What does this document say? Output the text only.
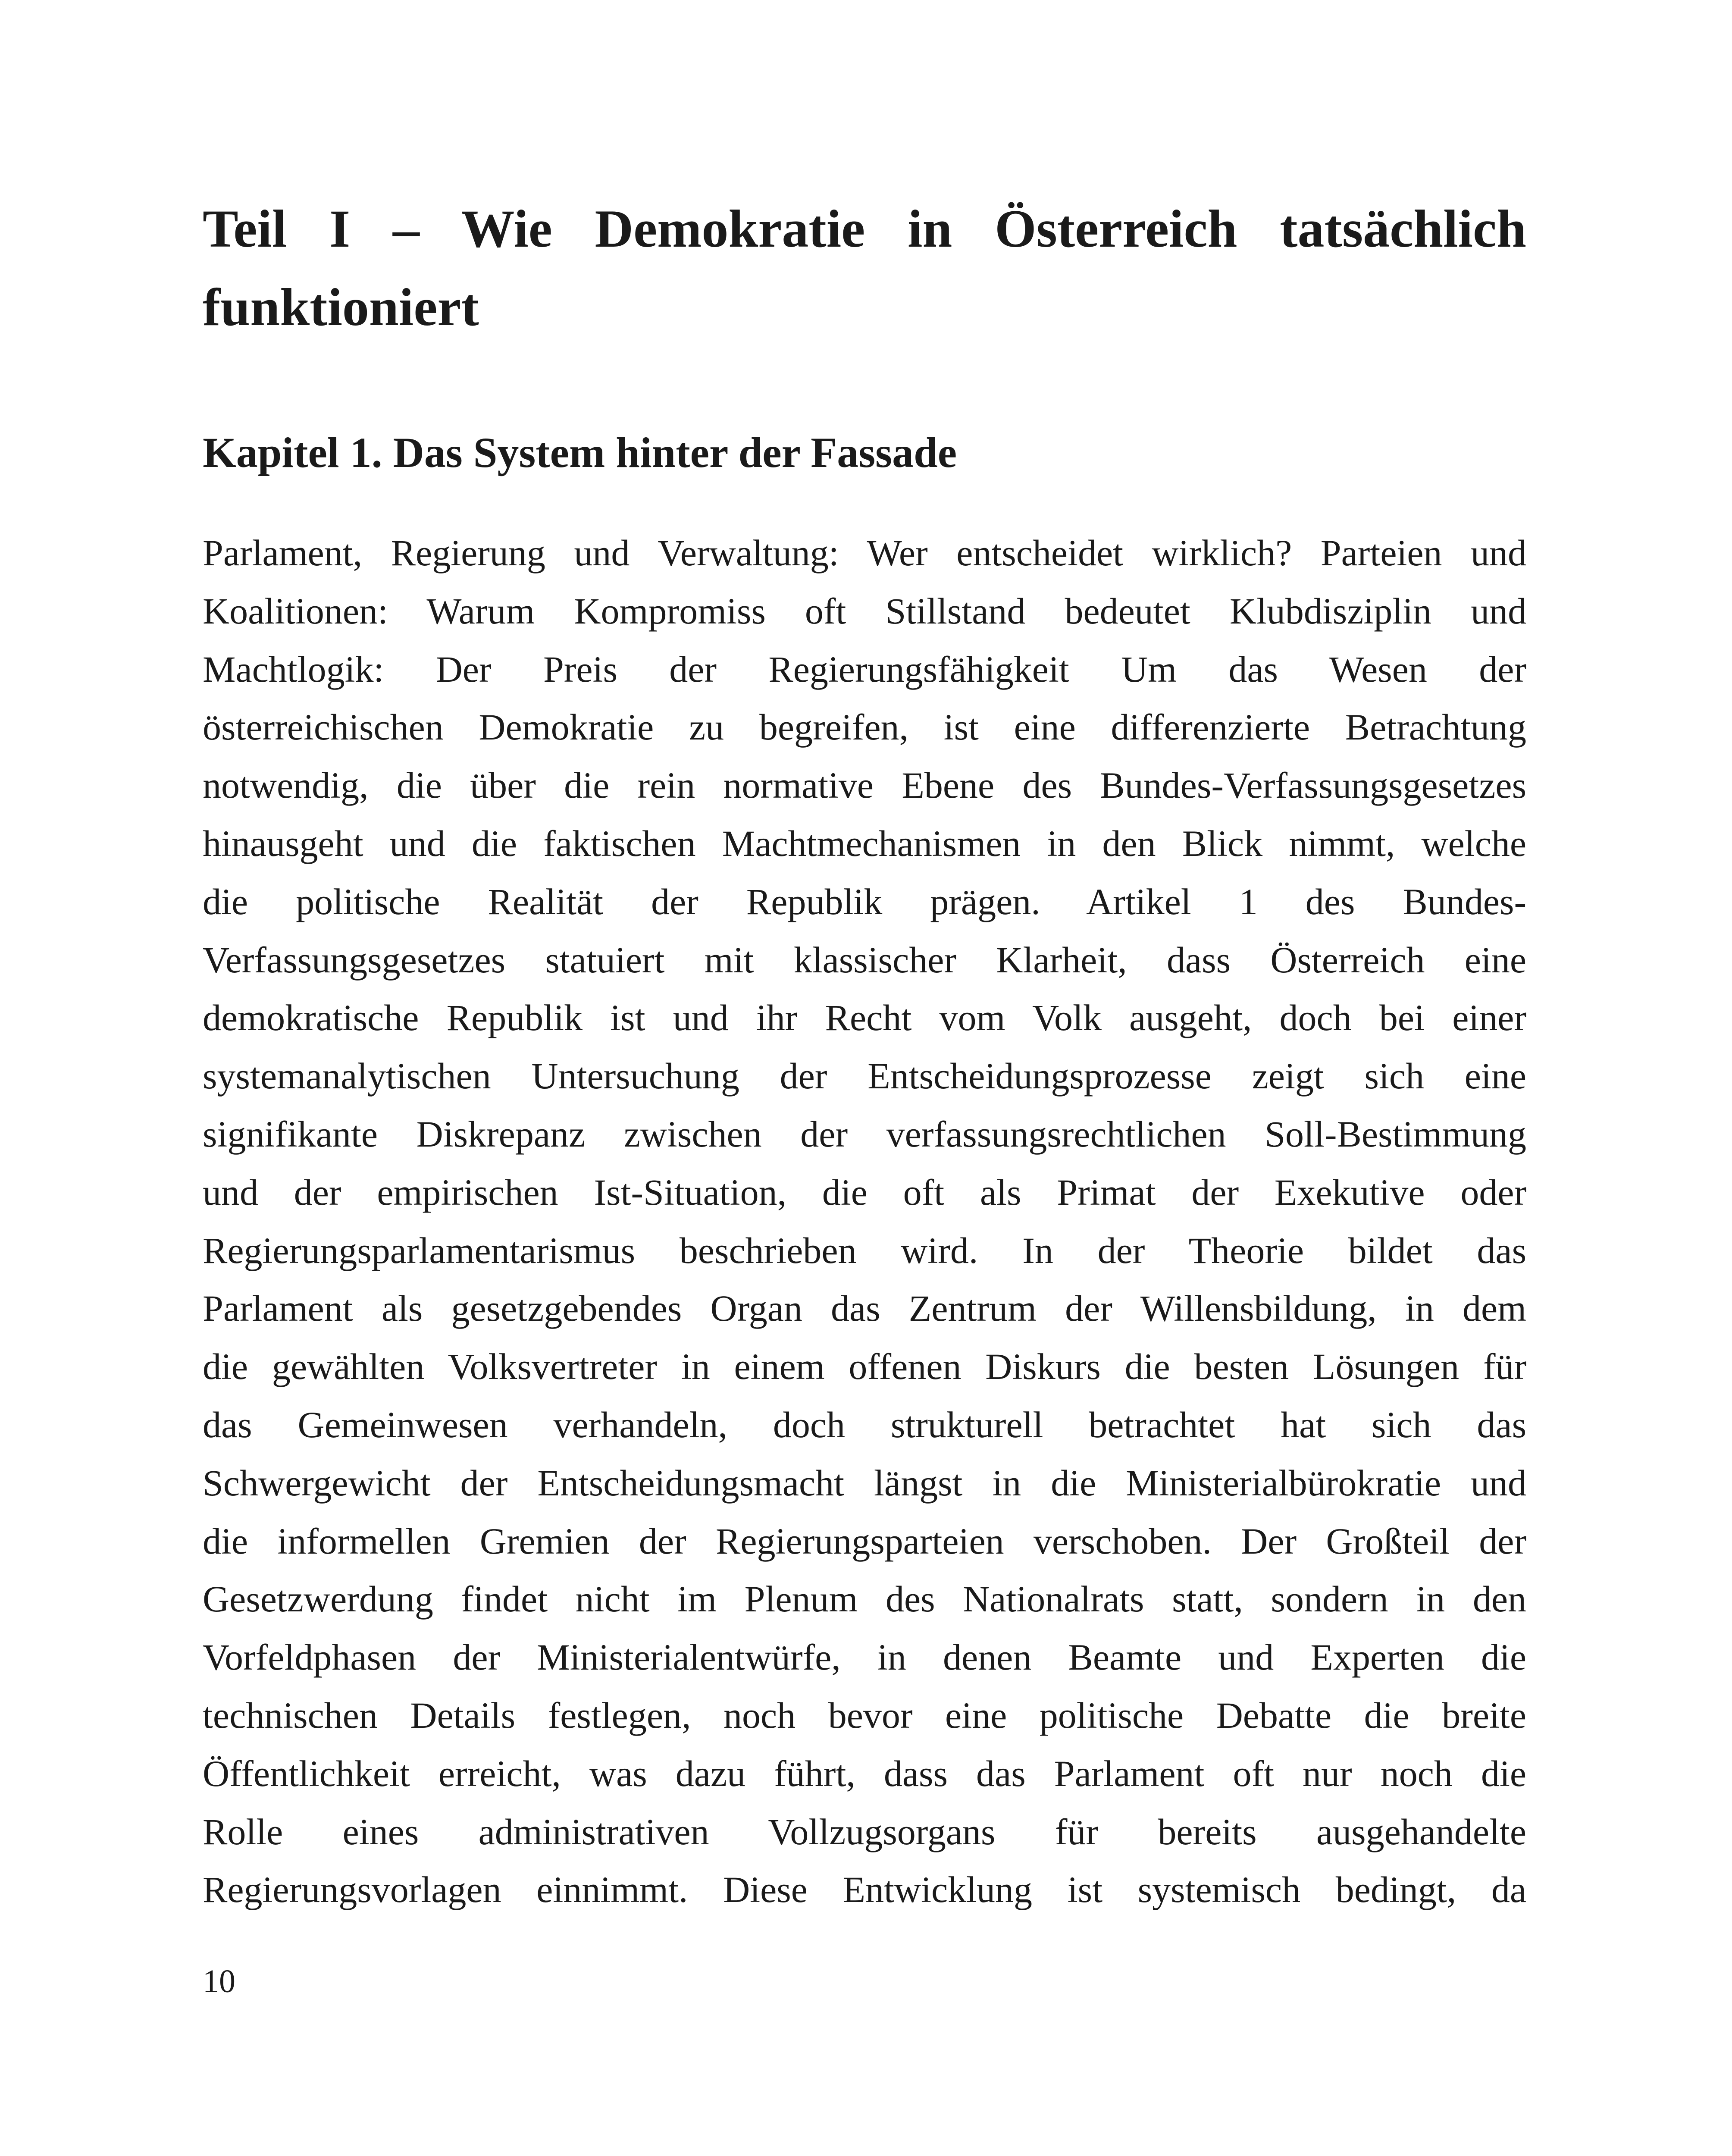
Teil I – Wie Demokratie in Österreich tatsächlich funktioniert
Kapitel 1. Das System hinter der Fassade
Parlament, Regierung und Verwaltung: Wer entscheidet wirklich? Parteien und
Koalitionen: Warum Kompromiss oft Stillstand bedeutet Klubdisziplin und
Machtlogik: Der Preis der Regierungsfähigkeit Um das Wesen der
österreichischen Demokratie zu begreifen, ist eine differenzierte Betrachtung
notwendig, die über die rein normative Ebene des Bundes-Verfassungsgesetzes
hinausgeht und die faktischen Machtmechanismen in den Blick nimmt, welche
die politische Realität der Republik prägen. Artikel 1 des Bundes-
Verfassungsgesetzes statuiert mit klassischer Klarheit, dass Österreich eine
demokratische Republik ist und ihr Recht vom Volk ausgeht, doch bei einer
systemanalytischen Untersuchung der Entscheidungsprozesse zeigt sich eine
signifikante Diskrepanz zwischen der verfassungsrechtlichen Soll-Bestimmung
und der empirischen Ist-Situation, die oft als Primat der Exekutive oder
Regierungsparlamentarismus beschrieben wird. In der Theorie bildet das
Parlament als gesetzgebendes Organ das Zentrum der Willensbildung, in dem
die gewählten Volksvertreter in einem offenen Diskurs die besten Lösungen für
das Gemeinwesen verhandeln, doch strukturell betrachtet hat sich das
Schwergewicht der Entscheidungsmacht längst in die Ministerialbürokratie und
die informellen Gremien der Regierungsparteien verschoben. Der Großteil der
Gesetzwerdung findet nicht im Plenum des Nationalrats statt, sondern in den
Vorfeldphasen der Ministerialentwürfe, in denen Beamte und Experten die
technischen Details festlegen, noch bevor eine politische Debatte die breite
Öffentlichkeit erreicht, was dazu führt, dass das Parlament oft nur noch die
Rolle eines administrativen Vollzugsorgans für bereits ausgehandelte
Regierungsvorlagen einnimmt. Diese Entwicklung ist systemisch bedingt, da

10
